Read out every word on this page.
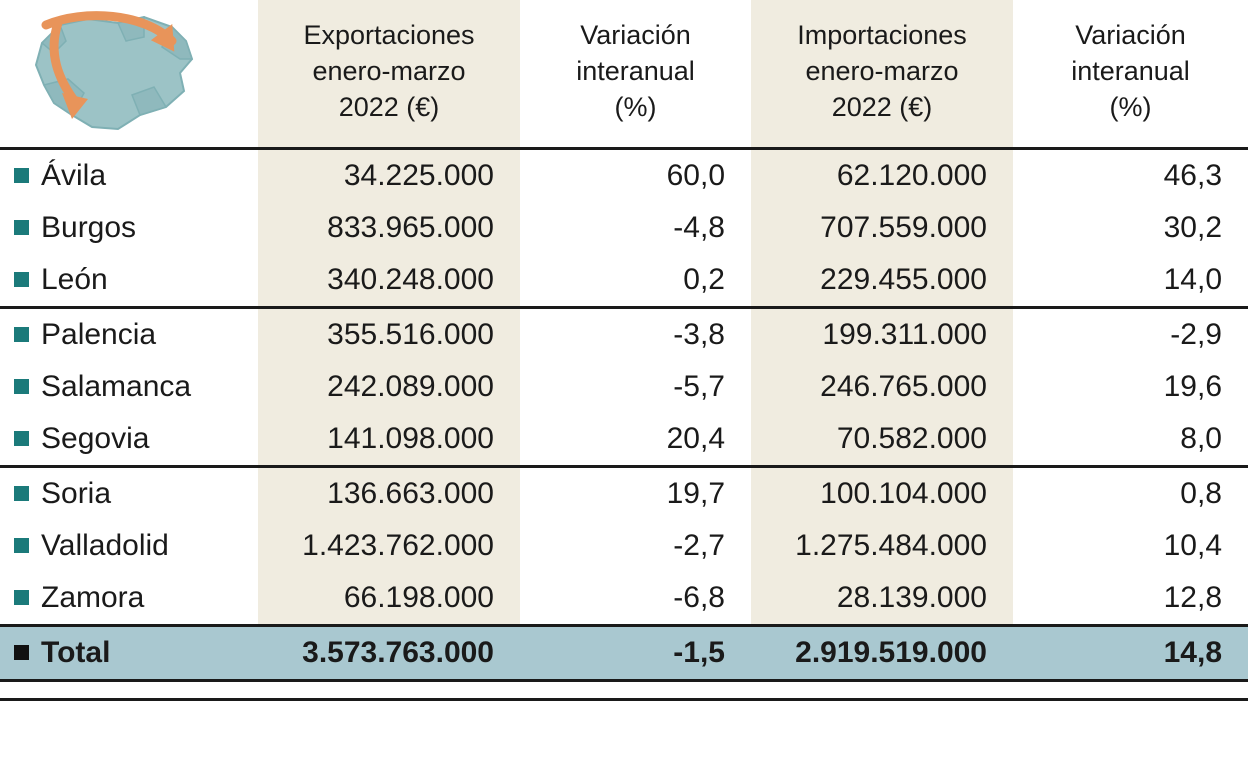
	Exportaciones
enero-marzo
2022 (€)	Variación
interanual
(%)	Importaciones
enero-marzo
2022 (€)	Variación
interanual
(%)
Ávila	34.225.000	60,0	62.120.000	46,3
Burgos	833.965.000	-4,8	707.559.000	30,2
León	340.248.000	0,2	229.455.000	14,0
Palencia	355.516.000	-3,8	199.311.000	-2,9
Salamanca	242.089.000	-5,7	246.765.000	19,6
Segovia	141.098.000	20,4	70.582.000	8,0
Soria	136.663.000	19,7	100.104.000	0,8
Valladolid	1.423.762.000	-2,7	1.275.484.000	10,4
Zamora	66.198.000	-6,8	28.139.000	12,8
Total	3.573.763.000	-1,5	2.919.519.000	14,8
